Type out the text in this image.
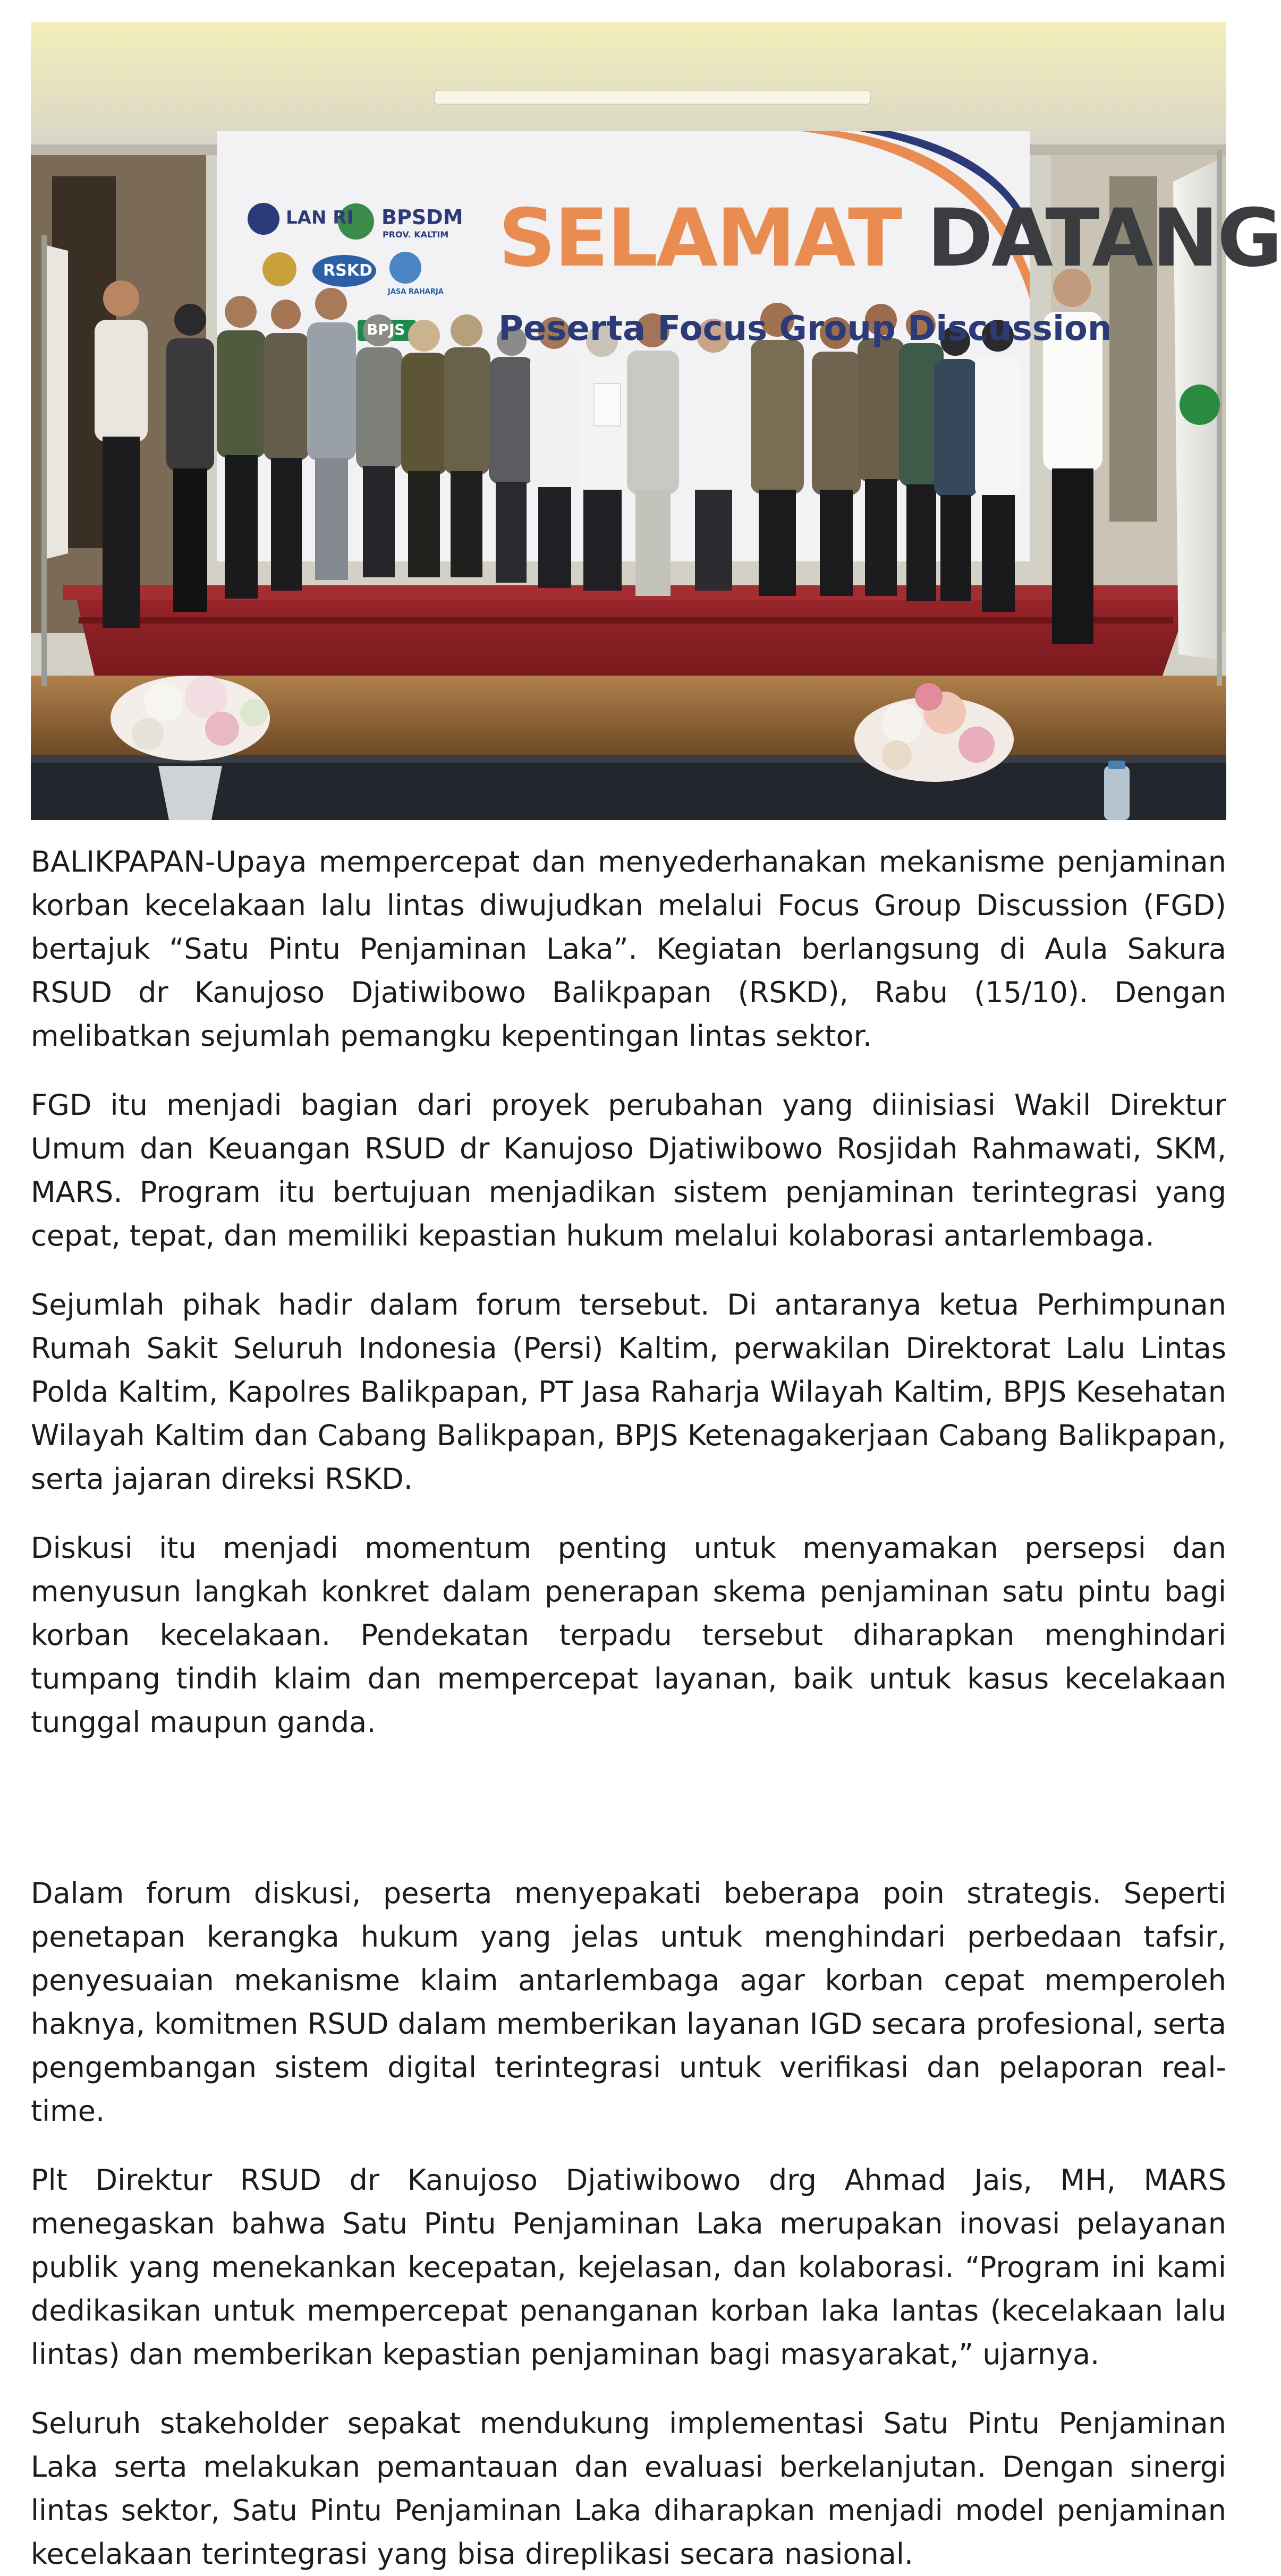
SELAMAT DATANG
Peserta Focus Group Discussion
LAN RI BPSDM
PROV. KALTIM
RSKD
JASA RAHARJA
BPJS

BALIKPAPAN-Upaya mempercepat dan menyederhanakan mekanisme penjaminan korban kecelakaan lalu lintas diwujudkan melalui Focus Group Discussion (FGD) bertajuk “Satu Pintu Penjaminan Laka”. Kegiatan berlangsung di Aula Sakura RSUD dr Kanujoso Djatiwibowo Balikpapan (RSKD), Rabu (15/10). Dengan melibatkan sejumlah pemangku kepentingan lintas sektor.

FGD itu menjadi bagian dari proyek perubahan yang diinisiasi Wakil Direktur Umum dan Keuangan RSUD dr Kanujoso Djatiwibowo Rosjidah Rahmawati, SKM, MARS. Program itu bertujuan menjadikan sistem penjaminan terintegrasi yang cepat, tepat, dan memiliki kepastian hukum melalui kolaborasi antarlembaga.

Sejumlah pihak hadir dalam forum tersebut. Di antaranya ketua Perhimpunan Rumah Sakit Seluruh Indonesia (Persi) Kaltim, perwakilan Direktorat Lalu Lintas Polda Kaltim, Kapolres Balikpapan, PT Jasa Raharja Wilayah Kaltim, BPJS Kesehatan Wilayah Kaltim dan Cabang Balikpapan, BPJS Ketenagakerjaan Cabang Balikpapan, serta jajaran direksi RSKD.

Diskusi itu menjadi momentum penting untuk menyamakan persepsi dan menyusun langkah konkret dalam penerapan skema penjaminan satu pintu bagi korban kecelakaan. Pendekatan terpadu tersebut diharapkan menghindari tumpang tindih klaim dan mempercepat layanan, baik untuk kasus kecelakaan tunggal maupun ganda.

Dalam forum diskusi, peserta menyepakati beberapa poin strategis. Seperti penetapan kerangka hukum yang jelas untuk menghindari perbedaan tafsir, penyesuaian mekanisme klaim antarlembaga agar korban cepat memperoleh haknya, komitmen RSUD dalam memberikan layanan IGD secara profesional, serta pengembangan sistem digital terintegrasi untuk verifikasi dan pelaporan real-time.

Plt Direktur RSUD dr Kanujoso Djatiwibowo drg Ahmad Jais, MH, MARS menegaskan bahwa Satu Pintu Penjaminan Laka merupakan inovasi pelayanan publik yang menekankan kecepatan, kejelasan, dan kolaborasi. “Program ini kami dedikasikan untuk mempercepat penanganan korban laka lantas (kecelakaan lalu lintas) dan memberikan kepastian penjaminan bagi masyarakat,” ujarnya.

Seluruh stakeholder sepakat mendukung implementasi Satu Pintu Penjaminan Laka serta melakukan pemantauan dan evaluasi berkelanjutan. Dengan sinergi lintas sektor, Satu Pintu Penjaminan Laka diharapkan menjadi model penjaminan kecelakaan terintegrasi yang bisa direplikasi secara nasional.
